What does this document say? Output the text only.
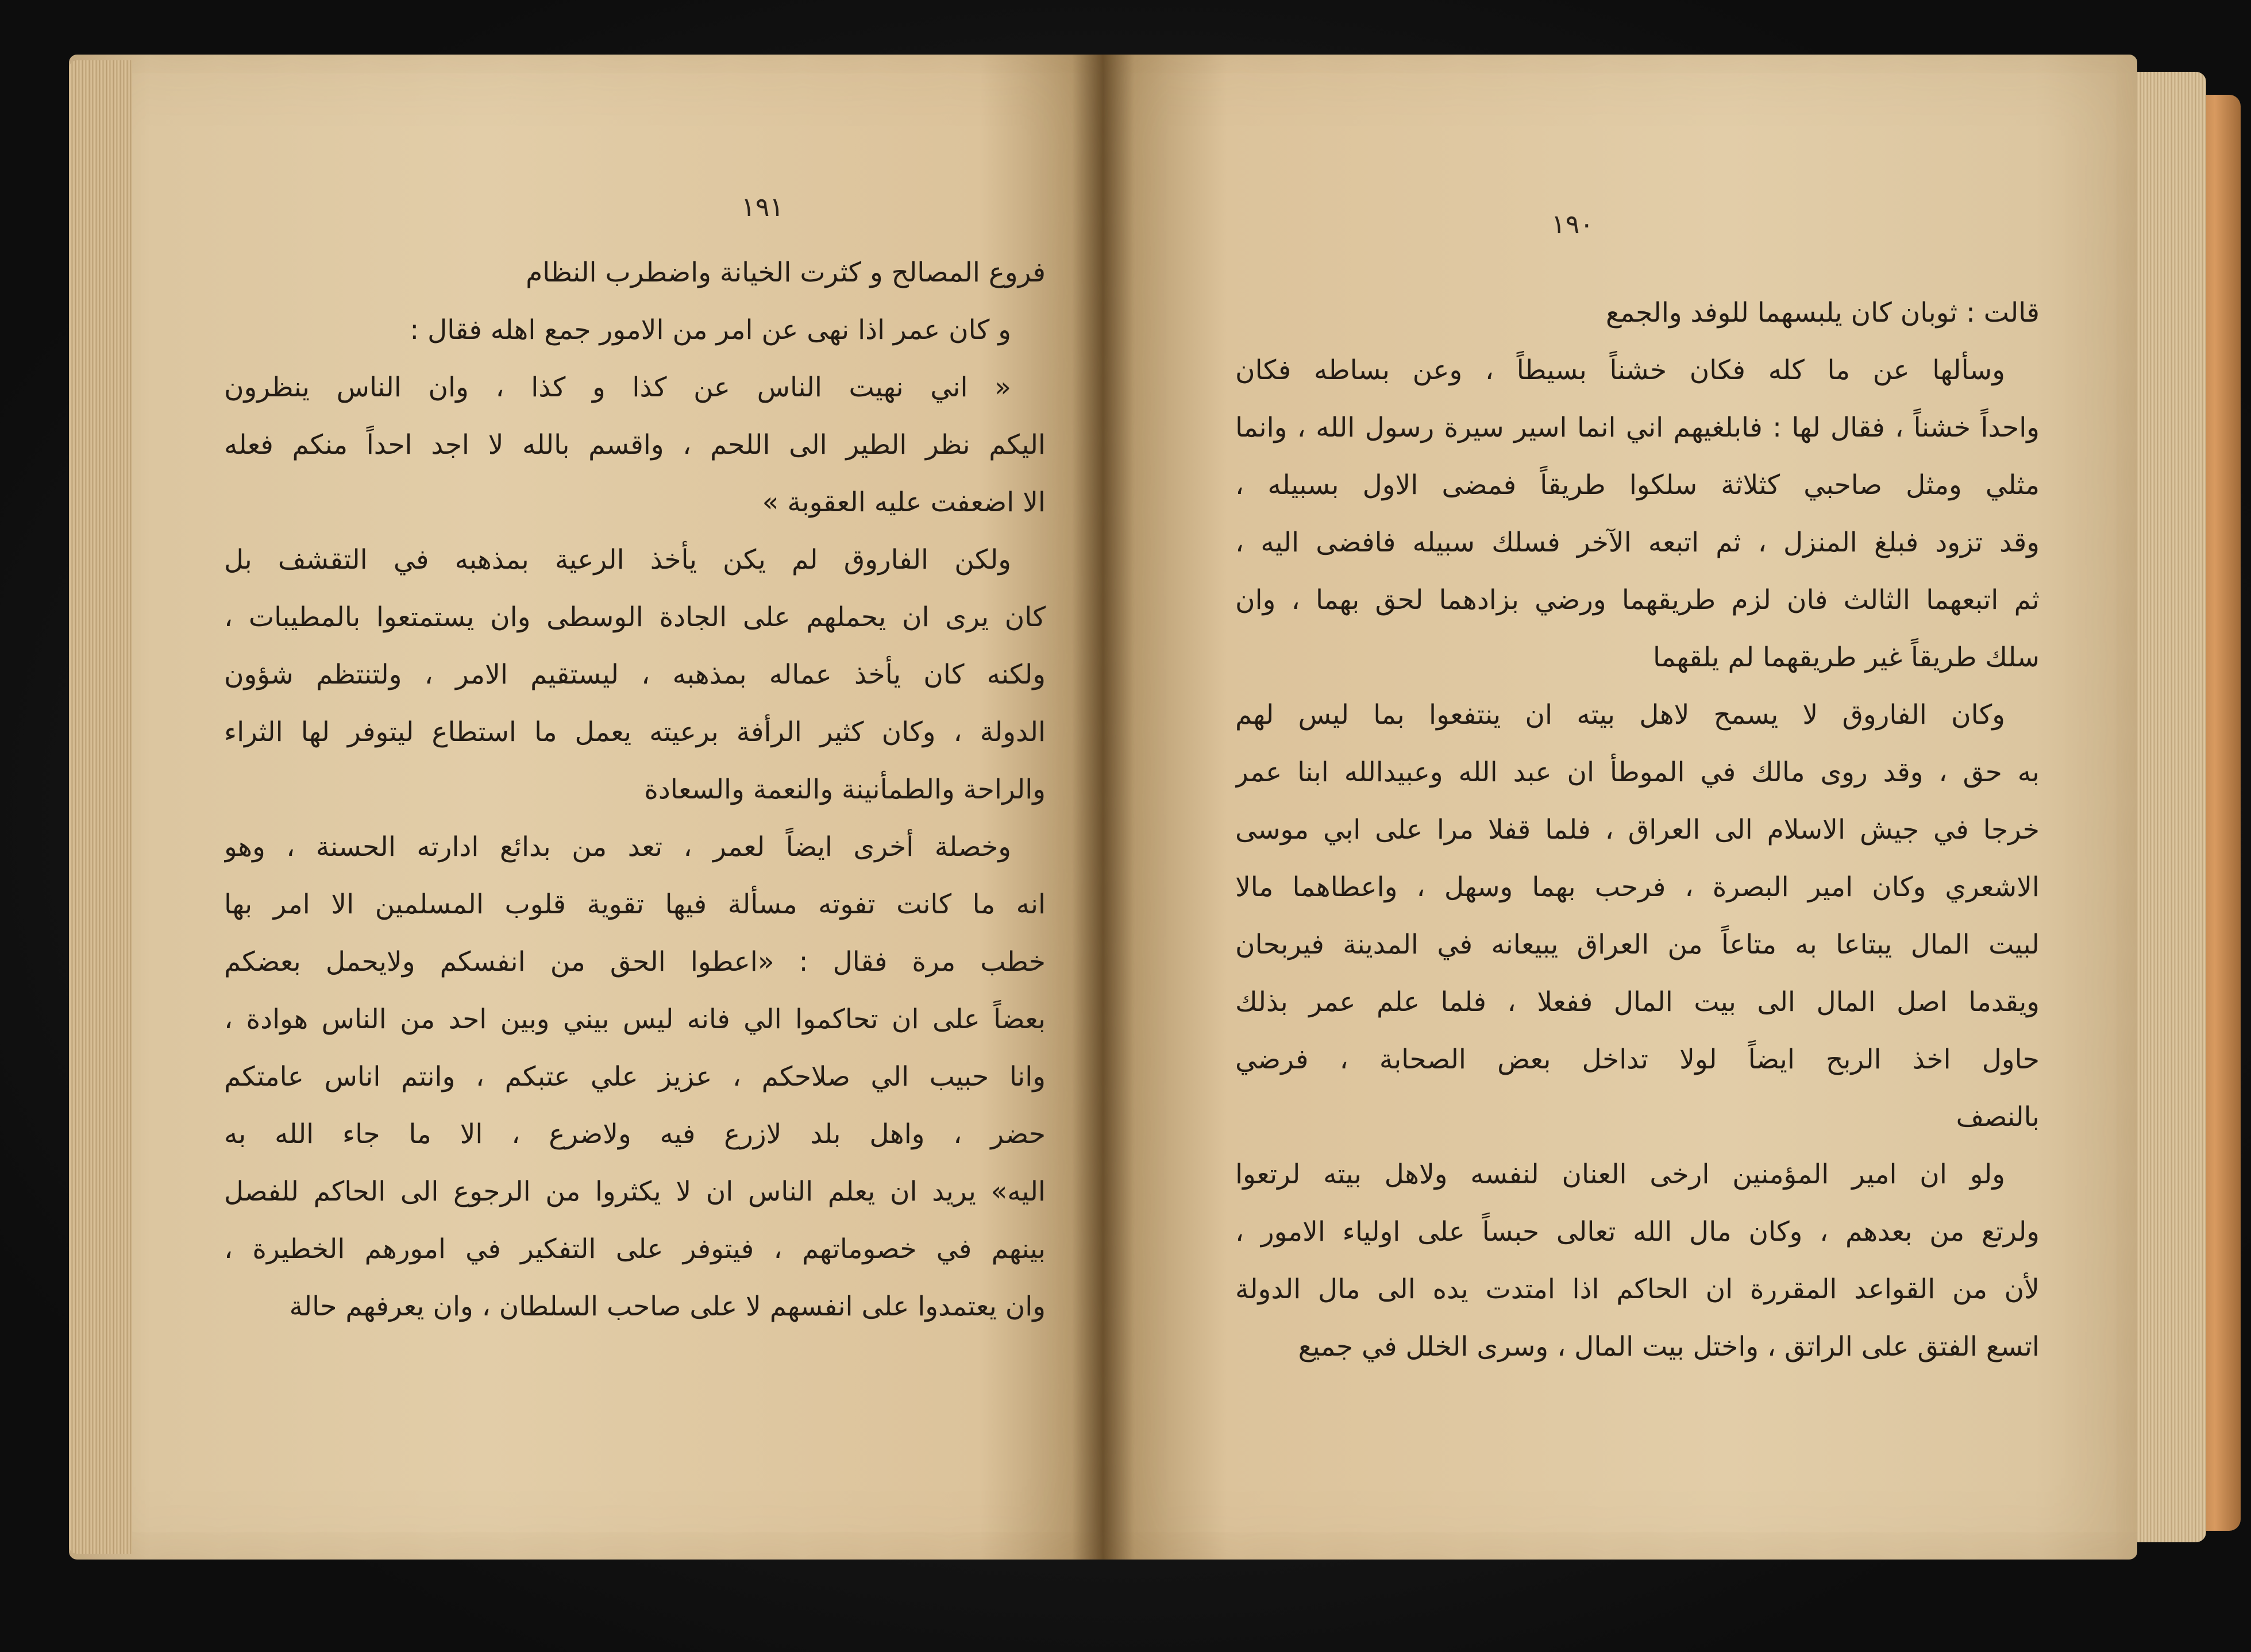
١٩١
فروع المصالح و كثرت الخيانة واضطرب النظام
و كان عمر اذا نهى عن امر من الامور جمع اهله فقال :
« اني نهيت الناس عن كذا و كذا ، وان الناس ينظرون
اليكم نظر الطير الى اللحم ، واقسم بالله لا اجد احداً منكم فعله
الا اضعفت عليه العقوبة »
ولكن الفاروق لم يكن يأخذ الرعية بمذهبه في التقشف بل
كان يرى ان يحملهم على الجادة الوسطى وان يستمتعوا بالمطيبات ،
ولكنه كان يأخذ عماله بمذهبه ، ليستقيم الامر ، ولتنتظم شؤون
الدولة ، وكان كثير الرأفة برعيته يعمل ما استطاع ليتوفر لها الثراء
والراحة والطمأنينة والنعمة والسعادة
وخصلة أخرى ايضاً لعمر ، تعد من بدائع ادارته الحسنة ، وهو
انه ما كانت تفوته مسألة فيها تقوية قلوب المسلمين الا امر بها
خطب مرة فقال : «اعطوا الحق من انفسكم ولايحمل بعضكم
بعضاً على ان تحاكموا الي فانه ليس بيني وبين احد من الناس هوادة ،
وانا حبيب الي صلاحكم ، عزيز علي عتبكم ، وانتم اناس عامتكم
حضر ، واهل بلد لازرع فيه ولاضرع ، الا ما جاء الله به
اليه» يريد ان يعلم الناس ان لا يكثروا من الرجوع الى الحاكم للفصل
بينهم في خصوماتهم ، فيتوفر على التفكير في امورهم الخطيرة ،
وان يعتمدوا على انفسهم لا على صاحب السلطان ، وان يعرفهم حالة
١٩٠
قالت : ثوبان كان يلبسهما للوفد والجمع
وسألها عن ما كله فكان خشناً بسيطاً ، وعن بساطه فكان
واحداً خشناً ، فقال لها : فابلغيهم اني انما اسير سيرة رسول الله ، وانما
مثلي ومثل صاحبي كثلاثة سلكوا طريقاً فمضى الاول بسبيله ،
وقد تزود فبلغ المنزل ، ثم اتبعه الآخر فسلك سبيله فافضى اليه ،
ثم اتبعهما الثالث فان لزم طريقهما ورضي بزادهما لحق بهما ، وان
سلك طريقاً غير طريقهما لم يلقهما
وكان الفاروق لا يسمح لاهل بيته ان ينتفعوا بما ليس لهم
به حق ، وقد روى مالك في الموطأ ان عبد الله وعبيدالله ابنا عمر
خرجا في جيش الاسلام الى العراق ، فلما قفلا مرا على ابي موسى
الاشعري وكان امير البصرة ، فرحب بهما وسهل ، واعطاهما مالا
لبيت المال يبتاعا به متاعاً من العراق يبيعانه في المدينة فيربحان
ويقدما اصل المال الى بيت المال ففعلا ، فلما علم عمر بذلك
حاول اخذ الربح ايضاً لولا تداخل بعض الصحابة ، فرضي
بالنصف
ولو ان امير المؤمنين ارخى العنان لنفسه ولاهل بيته لرتعوا
ولرتع من بعدهم ، وكان مال الله تعالى حبساً على اولياء الامور ،
لأن من القواعد المقررة ان الحاكم اذا امتدت يده الى مال الدولة
اتسع الفتق على الراتق ، واختل بيت المال ، وسرى الخلل في جميع
